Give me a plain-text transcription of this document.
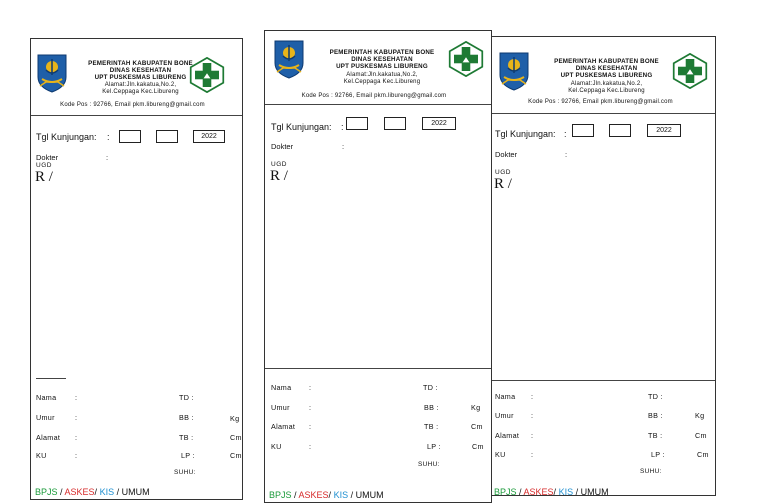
PEMERINTAH KABUPATEN BONE
DINAS KESEHATAN
UPT PUSKESMAS LIBURENG
Alamat:Jln.kakatua,No.2,
Kel.Ceppaga Kec.Libureng
Kode Pos : 92766, Email pkm.libureng@gmail.com
Tgl Kunjungan: :	2022
Dokter	:
UGD
R /
Nama	:	TD :
Umur	:	BB :	Kg
Alamat :	TB :	Cm
KU	:	LP :	Cm
SUHU:
BPJS / ASKES/ KIS / UMUM
PEMERINTAH KABUPATEN BONE
DINAS KESEHATAN
UPT PUSKESMAS LIBURENG
Alamat:Jln.kakatua,No.2,
Kel.Ceppaga Kec.Libureng
Kode Pos : 92766, Email pkm.libureng@gmail.com
Tgl Kunjungan: :	2022
Dokter	:
UGD
R /
Nama :	TD :
Umur	:	BB :	Kg
Alamat :	TB :	Cm
KU	:	LP :	Cm
SUHU:
BPJS / ASKES/ KIS / UMUM
PEMERINTAH KABUPATEN BONE
DINAS KESEHATAN
UPT PUSKESMAS LIBURENG
Alamat:Jln.kakatua,No.2,
Kel.Ceppaga Kec.Libureng
Kode Pos : 92766, Email pkm.libureng@gmail.com
Tgl Kunjungan: :	2022
Dokter	:
UGD
R /
Nama :	TD :
Umur :	BB :	Kg
Alamat :	TB :	Cm
KU	:	LP :	Cm
SUHU:
BPJS / ASKES/ KIS / UMUM
